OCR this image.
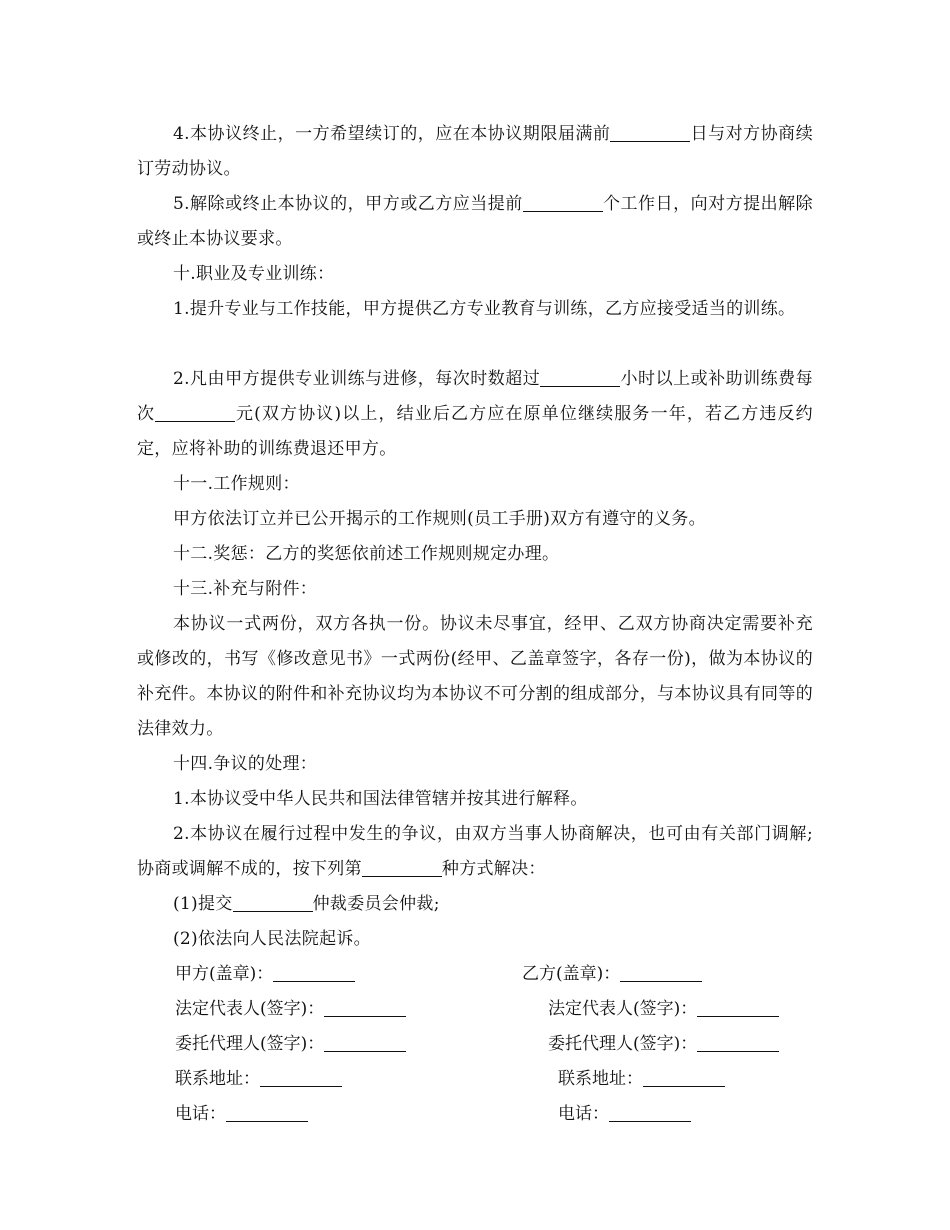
4.本协议终止，一方希望续订的，应在本协议期限届满前	日与对方协商续订劳动协议。

5.解除或终止本协议的，甲方或乙方应当提前	个工作日，向对方提出解除或终止本协议要求。

十.职业及专业训练：

1.提升专业与工作技能，甲方提供乙方专业教育与训练，乙方应接受适当的训练。

2.凡由甲方提供专业训练与进修，每次时数超过	小时以上或补助训练费每次	元(双方协议)以上，结业后乙方应在原单位继续服务一年，若乙方违反约定，应将补助的训练费退还甲方。

十一.工作规则：

甲方依法订立并已公开揭示的工作规则(员工手册)双方有遵守的义务。

十二.奖惩：乙方的奖惩依前述工作规则规定办理。

十三.补充与附件：

本协议一式两份，双方各执一份。协议未尽事宜，经甲、乙双方协商决定需要补充或修改的，书写《修改意见书》一式两份(经甲、乙盖章签字，各存一份)，做为本协议的补充件。本协议的附件和补充协议均为本协议不可分割的组成部分，与本协议具有同等的法律效力。

十四.争议的处理：

1.本协议受中华人民共和国法律管辖并按其进行解释。

2.本协议在履行过程中发生的争议，由双方当事人协商解决，也可由有关部门调解;协商或调解不成的，按下列第	种方式解决：

(1)提交	仲裁委员会仲裁;

(2)依法向人民法院起诉。

甲方(盖章)：	乙方(盖章)：
法定代表人(签字)：	法定代表人(签字)：
委托代理人(签字)：	委托代理人(签字)：
联系地址：	联系地址：
电话：	电话：
